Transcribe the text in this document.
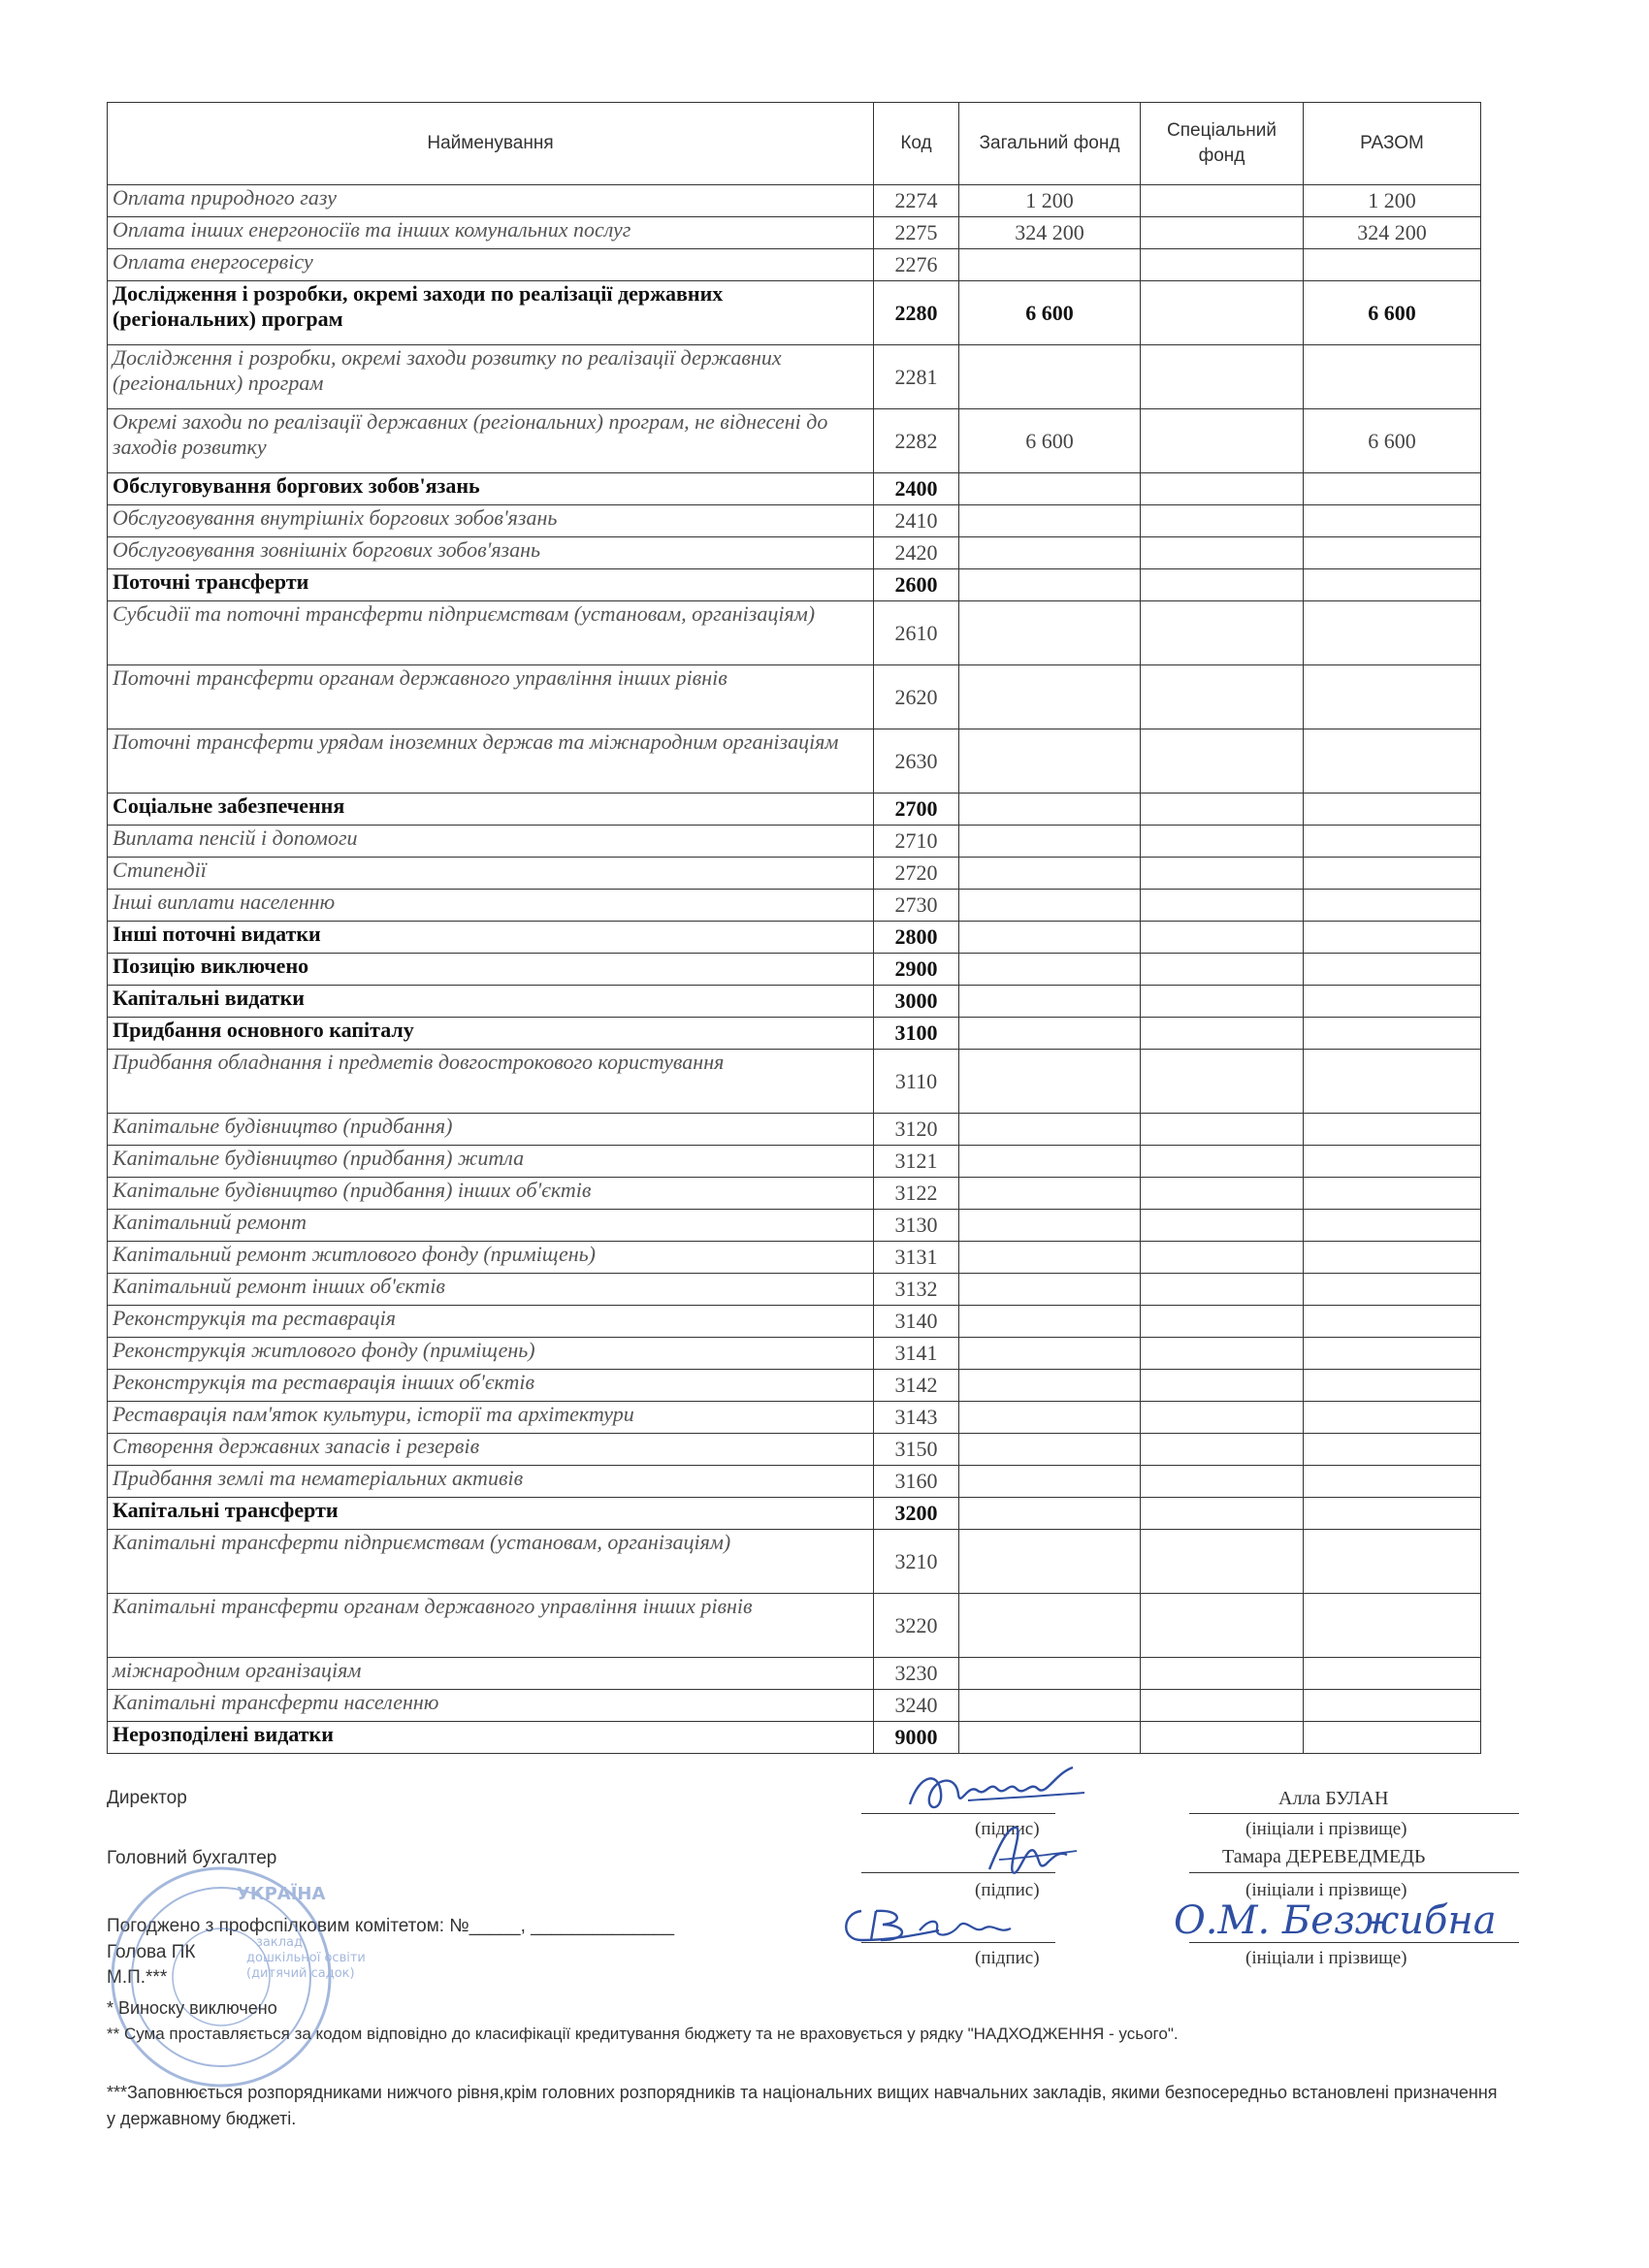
Найменування	Код	Загальний фонд	Спеціальний фонд	РАЗОМ
Оплата природного газу	2274	1 200		1 200
Оплата інших енергоносіїв та інших комунальних послуг	2275	324 200		324 200
Оплата енергосервісу	2276			
Дослідження і розробки, окремі заходи по реалізації державних (регіональних) програм	2280	6 600		6 600
Дослідження і розробки, окремі заходи розвитку по реалізації державних (регіональних) програм	2281			
Окремі заходи по реалізації державних (регіональних) програм, не віднесені до заходів розвитку	2282	6 600		6 600
Обслуговування боргових зобов'язань	2400			
Обслуговування внутрішніх боргових зобов'язань	2410			
Обслуговування зовнішніх боргових зобов'язань	2420			
Поточні трансферти	2600			
Субсидії та поточні трансферти підприємствам (установам, організаціям)	2610			
Поточні трансферти органам державного управління інших рівнів	2620			
Поточні трансферти урядам іноземних держав та міжнародним організаціям	2630			
Соціальне забезпечення	2700			
Виплата пенсій і допомоги	2710			
Стипендії	2720			
Інші виплати населенню	2730			
Інші поточні видатки	2800			
Позицію виключено	2900			
Капітальні видатки	3000			
Придбання основного капіталу	3100			
Придбання обладнання і предметів довгострокового користування	3110			
Капітальне будівництво (придбання)	3120			
Капітальне будівництво (придбання) житла	3121			
Капітальне будівництво (придбання) інших об'єктів	3122			
Капітальний ремонт	3130			
Капітальний ремонт житлового фонду (приміщень)	3131			
Капітальний ремонт інших об'єктів	3132			
Реконструкція та реставрація	3140			
Реконструкція житлового фонду (приміщень)	3141			
Реконструкція та реставрація інших об'єктів	3142			
Реставрація пам'яток культури, історії та архітектури	3143			
Створення державних запасів і резервів	3150			
Придбання землі та нематеріальних активів	3160			
Капітальні трансферти	3200			
Капітальні трансферти підприємствам (установам, організаціям)	3210			
Капітальні трансферти органам державного управління інших рівнів	3220			
міжнародним організаціям	3230			
Капітальні трансферти населенню	3240			
Нерозподілені видатки	9000			
Директор	Алла БУЛАН
(підпис)	(ініціали і прізвище)
Головний бухгалтер	Тамара ДЕРЕВЕДМЕДЬ
(підпис)	(ініціали і прізвище)
Погоджено з профспілковим комітетом: №_____, ______________
Голова ПК	(підпис)	(ініціали і прізвище)
М.П.***
О.М. Безжибна
УКРАЇНА
заклад
дошкільної освіти
(дитячий садок)
* Виноску виключено
** Сума проставляється за кодом відповідно до класифікації кредитування бюджету та не враховується у рядку "НАДХОДЖЕННЯ - усього".
***Заповнюється розпорядниками нижчого рівня,крім головних розпорядників та національних вищих навчальних закладів, якими безпосередньо встановлені призначення у державному бюджеті.
